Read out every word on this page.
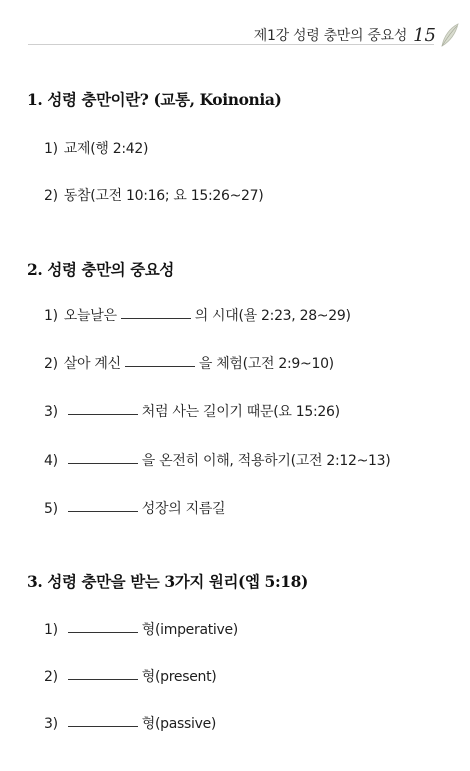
제1강 성령 충만의 중요성 15
1. 성령 충만이란? (교통, Koinonia)
1) 교제(행 2:42)
2) 동참(고전 10:16; 요 15:26~27)
2. 성령 충만의 중요성
1) 오늘날은	의 시대(욜 2:23, 28~29)
2) 살아 계신	을 체험(고전 2:9~10)
3)	처럼 사는 길이기 때문(요 15:26)
4)	을 온전히 이해, 적용하기(고전 2:12~13)
5)	성장의 지름길
3. 성령 충만을 받는 3가지 원리(엡 5:18)
1)	형(imperative)
2)	형(present)
3)	형(passive)
